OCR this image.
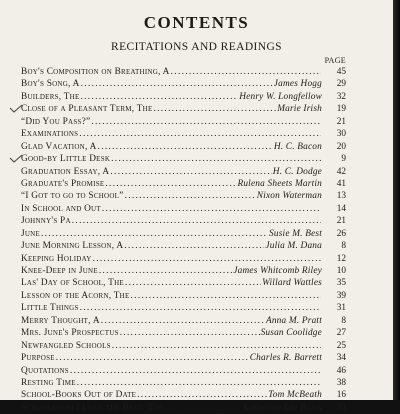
CONTENTS
RECITATIONS AND READINGS
PAGE
Boy's Composition on Breathing, A . . .	45
Boy's Song, A . . .	James Hogg	29
Builders, The . . .	Henry W. Longfellow	32
Close of a Pleasant Term, The . . .	Marie Irish	19
“Did You Pass?” . . .	21
Examinations . . .	30
Glad Vacation, A . . .	H. C. Bacon	20
Good-by Little Desk . . .	9
Graduation Essay, A . . .	H. C. Dodge	42
Graduate's Promise . . .	Rulena Sheets Martin	41
“I Got to go to School” . . .	Nixon Waterman	13
In School and Out . . .	14
Johnny's Pa . . .	21
June . . .	Susie M. Best	26
June Morning Lesson, A . . .	Julia M. Dana	8
Keeping Holiday . . .	12
Knee-Deep in June . . .	James Whitcomb Riley	10
Las' Day of School, The . . .	Willard Wattles	35
Lesson of the Acorn, The . . .	39
Little Things . . .	31
Merry Thought, A . . .	Anna M. Pratt	8
Mrs. June's Prospectus . . .	Susan Coolidge	27
Newfangled Schools . . .	25
Purpose . . .	Charles R. Barrett	34
Quotations . . .	46
Resting Time . . .	38
School-Books Out of Date . . .	Tom McBeath	16
Schoolroom I Love the Best, The . . .	Katherine Lee Bates	33
